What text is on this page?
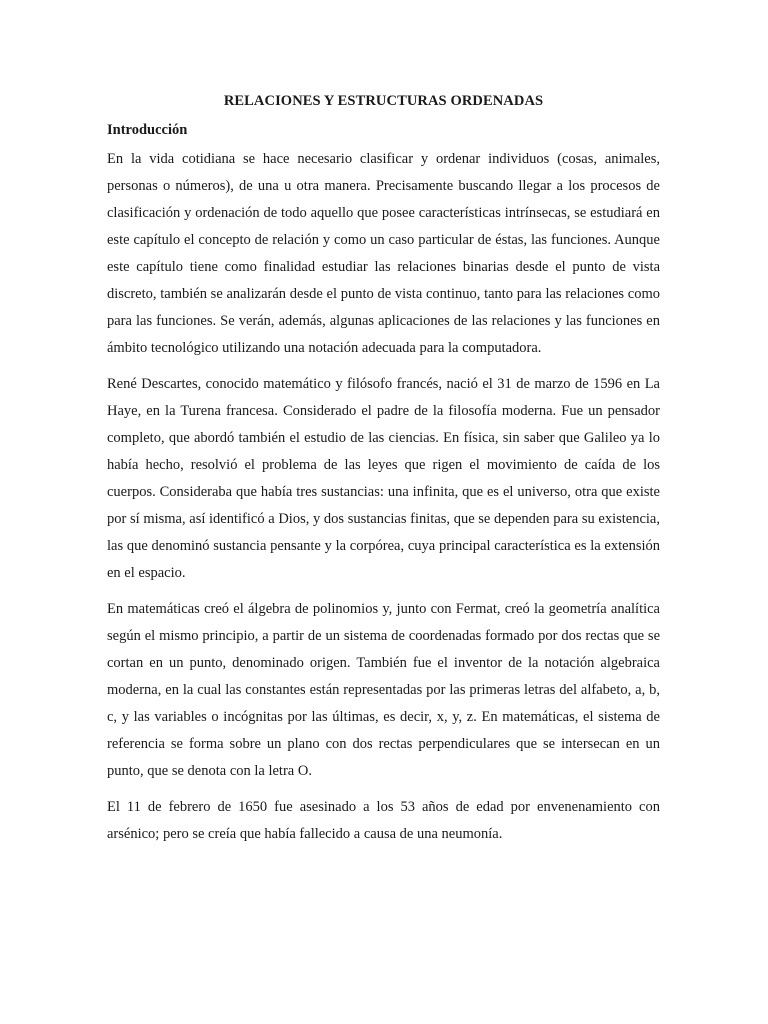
RELACIONES Y ESTRUCTURAS ORDENADAS
Introducción

En la vida cotidiana se hace necesario clasificar y ordenar individuos (cosas, animales, personas o números), de una u otra manera. Precisamente buscando llegar a los procesos de clasificación y ordenación de todo aquello que posee características intrínsecas, se estudiará en este capítulo el concepto de relación y como un caso particular de éstas, las funciones. Aunque este capítulo tiene como finalidad estudiar las relaciones binarias desde el punto de vista discreto, también se analizarán desde el punto de vista continuo, tanto para las relaciones como para las funciones. Se verán, además, algunas aplicaciones de las relaciones y las funciones en ámbito tecnológico utilizando una notación adecuada para la computadora.

René Descartes, conocido matemático y filósofo francés, nació el 31 de marzo de 1596 en La Haye, en la Turena francesa. Considerado el padre de la filosofía moderna. Fue un pensador completo, que abordó también el estudio de las ciencias. En física, sin saber que Galileo ya lo había hecho, resolvió el problema de las leyes que rigen el movimiento de caída de los cuerpos. Consideraba que había tres sustancias: una infinita, que es el universo, otra que existe por sí misma, así identificó a Dios, y dos sustancias finitas, que se dependen para su existencia, las que denominó sustancia pensante y la corpórea, cuya principal característica es la extensión en el espacio.

En matemáticas creó el álgebra de polinomios y, junto con Fermat, creó la geometría analítica según el mismo principio, a partir de un sistema de coordenadas formado por dos rectas que se cortan en un punto, denominado origen. También fue el inventor de la notación algebraica moderna, en la cual las constantes están representadas por las primeras letras del alfabeto, a, b, c, y las variables o incógnitas por las últimas, es decir, x, y, z. En matemáticas, el sistema de referencia se forma sobre un plano con dos rectas perpendiculares que se intersecan en un punto, que se denota con la letra O.

El 11 de febrero de 1650 fue asesinado a los 53 años de edad por envenenamiento con arsénico; pero se creía que había fallecido a causa de una neumonía.
